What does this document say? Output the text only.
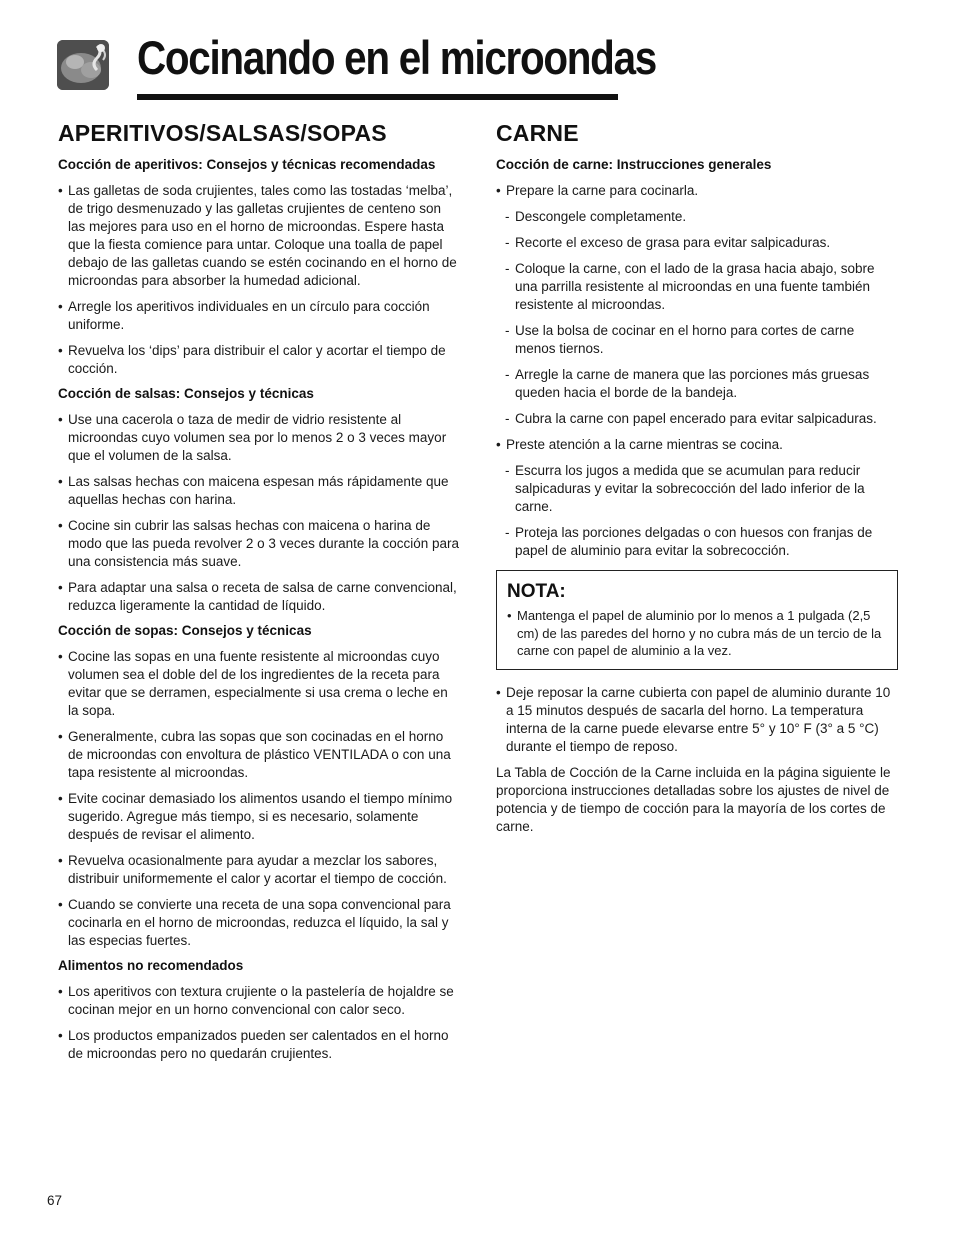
Cocinando en el microondas
APERITIVOS/SALSAS/SOPAS
Cocción de aperitivos: Consejos y técnicas recomendadas
• Las galletas de soda crujientes, tales como las tostadas ‘melba’, de trigo desmenuzado y las galletas crujientes de centeno son las mejores para uso en el horno de microondas. Espere hasta que la fiesta comience para untar. Coloque una toalla de papel debajo de las galletas cuando se estén cocinando en el horno de microondas para absorber la humedad adicional.
• Arregle los aperitivos individuales en un círculo para cocción uniforme.
• Revuelva los ‘dips’ para distribuir el calor y acortar el tiempo de cocción.
Cocción de salsas: Consejos y técnicas
• Use una cacerola o taza de medir de vidrio resistente al microondas cuyo volumen sea por lo menos 2 o 3 veces mayor que el volumen de la salsa.
• Las salsas hechas con maicena espesan más rápidamente que aquellas hechas con harina.
• Cocine sin cubrir las salsas hechas con maicena o harina de modo que las pueda revolver 2 o 3 veces durante la cocción para una consistencia más suave.
• Para adaptar una salsa o receta de salsa de carne convencional, reduzca ligeramente la cantidad de líquido.
Cocción de sopas: Consejos y técnicas
• Cocine las sopas en una fuente resistente al microondas cuyo volumen sea el doble del de los ingredientes de la receta para evitar que se derramen, especialmente si usa crema o leche en la sopa.
• Generalmente, cubra las sopas que son cocinadas en el horno de microondas con envoltura de plástico VENTILADA o con una tapa resistente al microondas.
• Evite cocinar demasiado los alimentos usando el tiempo mínimo sugerido. Agregue más tiempo, si es necesario, solamente después de revisar el alimento.
• Revuelva ocasionalmente para ayudar a mezclar los sabores, distribuir uniformemente el calor y acortar el tiempo de cocción.
• Cuando se convierte una receta de una sopa convencional para cocinarla en el horno de microondas, reduzca el líquido, la sal y las especias fuertes.
Alimentos no recomendados
• Los aperitivos con textura crujiente o la pastelería de hojaldre se cocinan mejor en un horno convencional con calor seco.
• Los productos empanizados pueden ser calentados en el horno de microondas pero no quedarán crujientes.
CARNE
Cocción de carne: Instrucciones generales
• Prepare la carne para cocinarla.
- Descongele completamente.
- Recorte el exceso de grasa para evitar salpicaduras.
- Coloque la carne, con el lado de la grasa hacia abajo, sobre una parrilla resistente al microondas en una fuente también resistente al microondas.
- Use la bolsa de cocinar en el horno para cortes de carne menos tiernos.
- Arregle la carne de manera que las porciones más gruesas queden hacia el borde de la bandeja.
- Cubra la carne con papel encerado para evitar salpicaduras.
• Preste atención a la carne mientras se cocina.
- Escurra los jugos a medida que se acumulan para reducir salpicaduras y evitar la sobrecocción del lado inferior de la carne.
- Proteja las porciones delgadas o con huesos con franjas de papel de aluminio para evitar la sobrecocción.
NOTA:
• Mantenga el papel de aluminio por lo menos a 1 pulgada (2,5 cm) de las paredes del horno y no cubra más de un tercio de la carne con papel de aluminio a la vez.
• Deje reposar la carne cubierta con papel de aluminio durante 10 a 15 minutos después de sacarla del horno. La temperatura interna de la carne puede elevarse entre 5° y 10° F (3° a 5 °C) durante el tiempo de reposo.

La Tabla de Cocción de la Carne incluida en la página siguiente le proporciona instrucciones detalladas sobre los ajustes de nivel de potencia y de tiempo de cocción para la mayoría de los cortes de carne.

67
